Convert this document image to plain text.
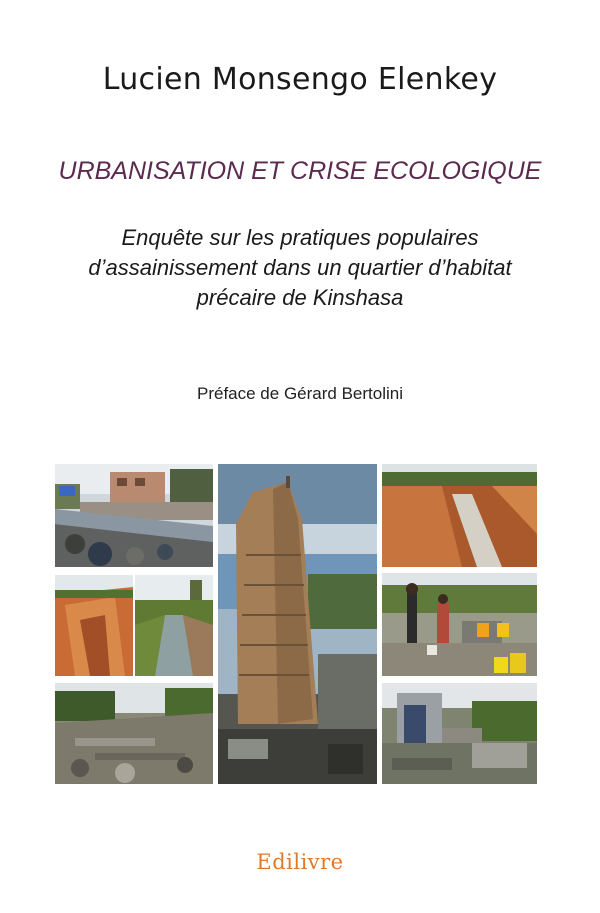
Lucien Monsengo Elenkey
URBANISATION ET CRISE ECOLOGIQUE
Enquête sur les pratiques populaires
d’assainissement dans un quartier d’habitat
précaire de Kinshasa
Préface de Gérard Bertolini
Edilivre
